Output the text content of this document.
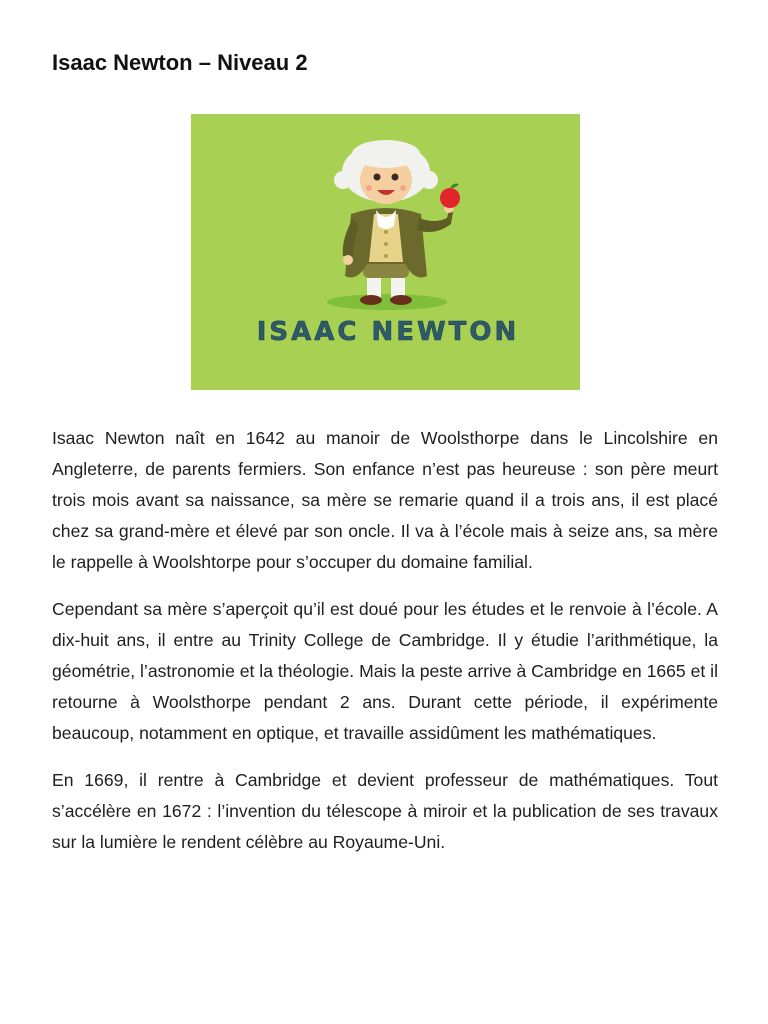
Isaac Newton – Niveau 2
ISAAC NEWTON

Isaac Newton naît en 1642 au manoir de Woolsthorpe dans le Lincolshire en Angleterre, de parents fermiers. Son enfance n’est pas heureuse : son père meurt trois mois avant sa naissance, sa mère se remarie quand il a trois ans, il est placé chez sa grand-mère et élevé par son oncle. Il va à l’école mais à seize ans, sa mère le rappelle à Woolshtorpe pour s’occuper du domaine familial.

Cependant sa mère s’aperçoit qu’il est doué pour les études et le renvoie à l’école. A dix-huit ans, il entre au Trinity College de Cambridge. Il y étudie l’arithmétique, la géométrie, l’astronomie et la théologie. Mais la peste arrive à Cambridge en 1665 et il retourne à Woolsthorpe pendant 2 ans. Durant cette période, il expérimente beaucoup, notamment en optique, et travaille assidûment les mathématiques.

En 1669, il rentre à Cambridge et devient professeur de mathématiques. Tout s’accélère en 1672 : l’invention du télescope à miroir et la publication de ses travaux sur la lumière le rendent célèbre au Royaume-Uni.
